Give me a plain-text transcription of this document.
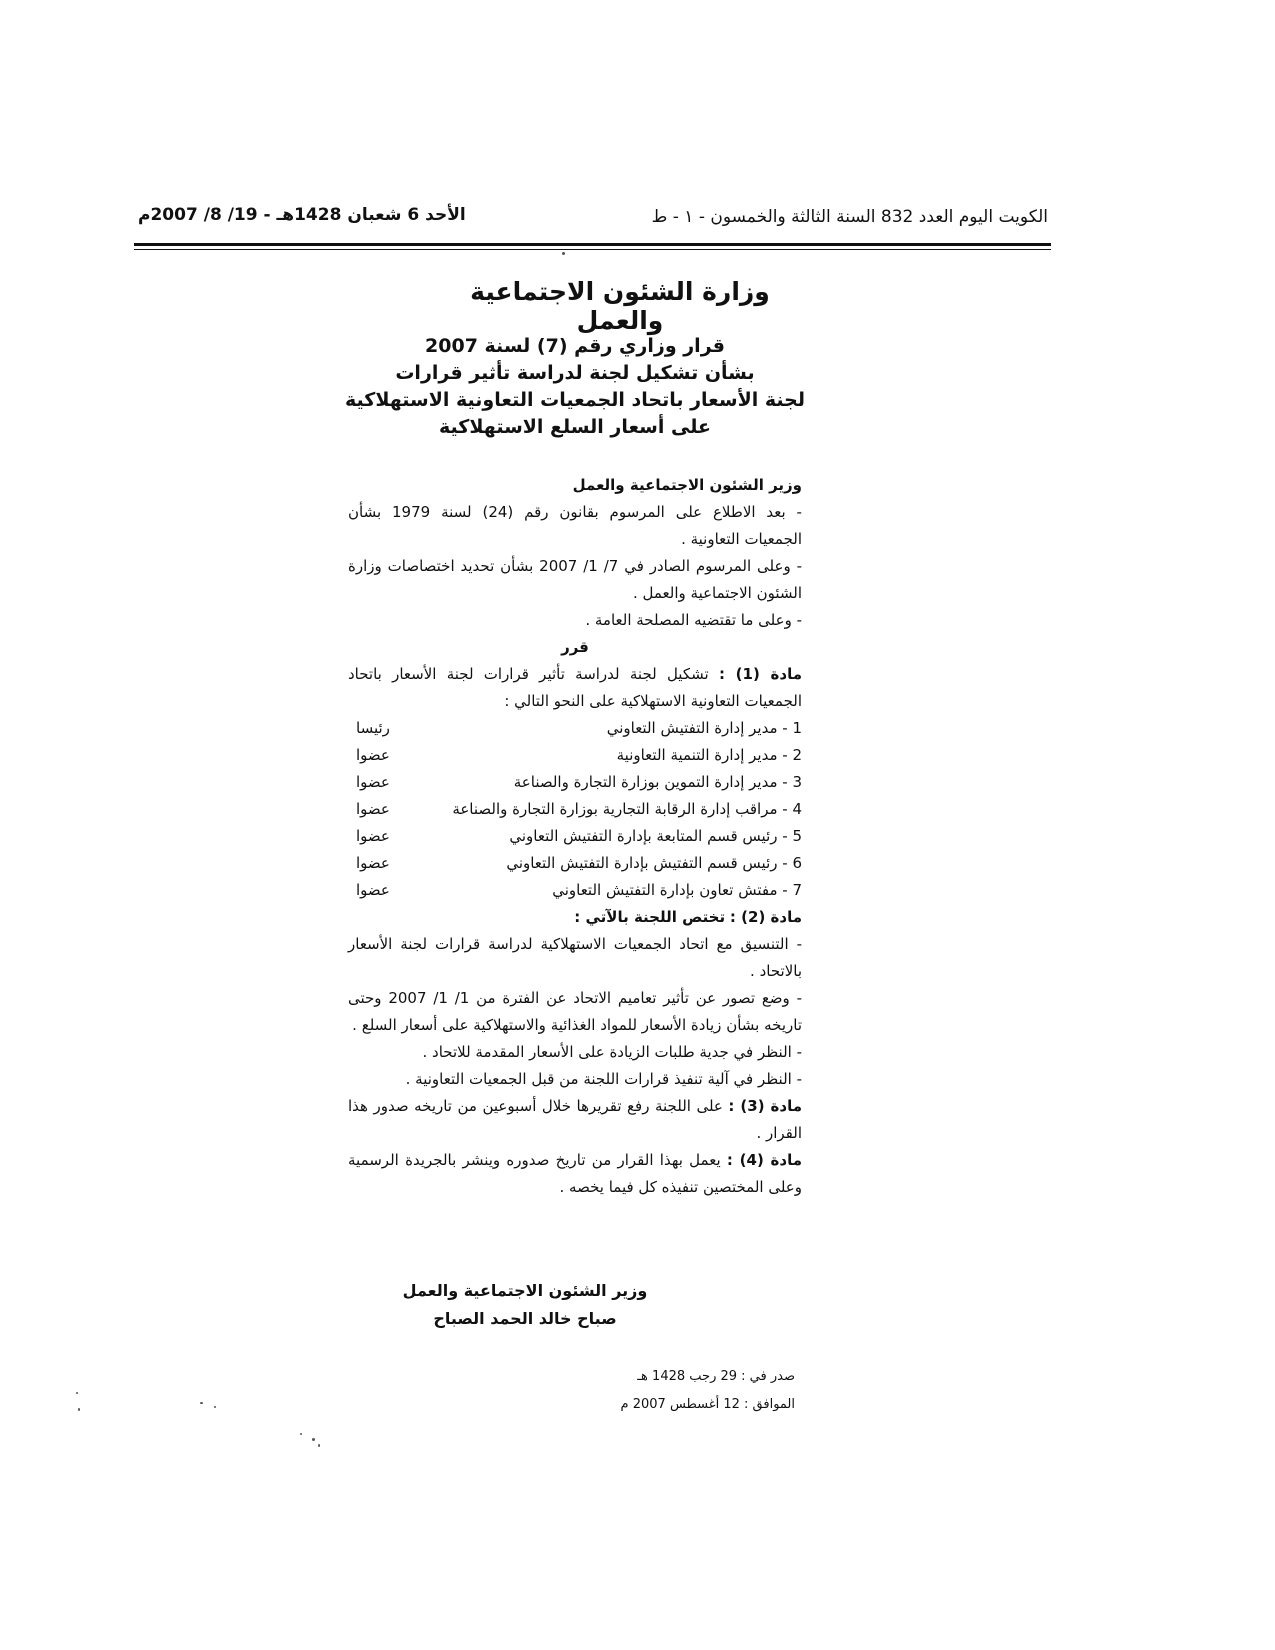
الكويت اليوم العدد 832 السنة الثالثة والخمسون - ١ - ط
الأحد 6 شعبان 1428هـ - 19/ 8/ 2007م
وزارة الشئون الاجتماعية والعمل
قرار وزاري رقم (7) لسنة 2007
بشأن تشكيل لجنة لدراسة تأثير قرارات
لجنة الأسعار باتحاد الجمعيات التعاونية الاستهلاكية
على أسعار السلع الاستهلاكية

وزير الشئون الاجتماعية والعمل

- بعد الاطلاع على المرسوم بقانون رقم (24) لسنة 1979 بشأن الجمعيات التعاونية .

- وعلى المرسوم الصادر في 7/ 1/ 2007 بشأن تحديد اختصاصات وزارة الشئون الاجتماعية والعمل .

- وعلى ما تقتضيه المصلحة العامة .

قرر

مادة (1) : تشكيل لجنة لدراسة تأثير قرارات لجنة الأسعار باتحاد الجمعيات التعاونية الاستهلاكية على النحو التالي :

1 - مدير إدارة التفتيش التعاوني
رئيسا
2 - مدير إدارة التنمية التعاونية
عضوا
3 - مدير إدارة التموين بوزارة التجارة والصناعة
عضوا
4 - مراقب إدارة الرقابة التجارية بوزارة التجارة والصناعة
عضوا
5 - رئيس قسم المتابعة بإدارة التفتيش التعاوني
عضوا
6 - رئيس قسم التفتيش بإدارة التفتيش التعاوني
عضوا
7 - مفتش تعاون بإدارة التفتيش التعاوني
عضوا

مادة (2) : تختص اللجنة بالآتي :

- التنسيق مع اتحاد الجمعيات الاستهلاكية لدراسة قرارات لجنة الأسعار بالاتحاد .

- وضع تصور عن تأثير تعاميم الاتحاد عن الفترة من 1/ 1/ 2007 وحتى تاريخه بشأن زيادة الأسعار للمواد الغذائية والاستهلاكية على أسعار السلع .

- النظر في جدية طلبات الزيادة على الأسعار المقدمة للاتحاد .

- النظر في آلية تنفيذ قرارات اللجنة من قبل الجمعيات التعاونية .

مادة (3) : على اللجنة رفع تقريرها خلال أسبوعين من تاريخه صدور هذا القرار .

مادة (4) : يعمل بهذا القرار من تاريخ صدوره وينشر بالجريدة الرسمية وعلى المختصين تنفيذه كل فيما يخصه .

وزير الشئون الاجتماعية والعمل
صباح خالد الحمد الصباح
صدر في : 29 رجب 1428 هـ
الموافق : 12 أغسطس 2007 م
